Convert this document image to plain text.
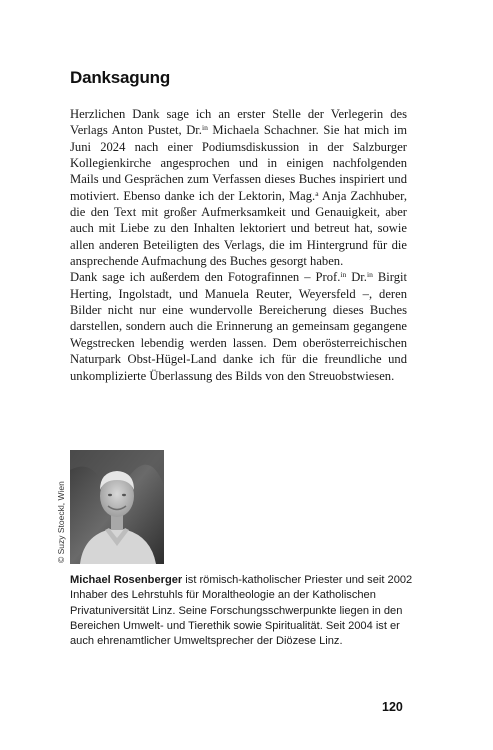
Danksagung

Herzlichen Dank sage ich an erster Stelle der Verlegerin des Verlags Anton Pustet, Dr.$^{in}$ Michaela Schachner. Sie hat mich im Juni 2024 nach einer Podiumsdiskussion in der Salzburger Kollegienkirche angesprochen und in einigen nachfolgenden Mails und Gesprächen zum Verfassen dieses Buches inspiriert und motiviert. Ebenso danke ich der Lektorin, Mag.$^a$ Anja Zachhuber, die den Text mit großer Aufmerksamkeit und Genauigkeit, aber auch mit Liebe zu den Inhalten lektoriert und betreut hat, sowie allen anderen Beteiligten des Verlags, die im Hintergrund für die ansprechende Aufmachung des Buches gesorgt haben.

Dank sage ich außerdem den Fotografinnen – Prof.$^{in}$ Dr.$^{in}$ Birgit Herting, Ingolstadt, und Manuela Reuter, Weyersfeld –, deren Bilder nicht nur eine wundervolle Bereicherung dieses Buches darstellen, sondern auch die Erinnerung an gemeinsam gegangene Wegstrecken lebendig werden lassen. Dem oberösterreichischen Naturpark Obst-Hügel-Land danke ich für die freundliche und unkomplizierte Überlassung des Bilds von den Streuobstwiesen.

© Suzy Stoeckl, Wien
Michael Rosenberger ist römisch-katholischer Priester und seit 2002 Inhaber des Lehrstuhls für Moraltheologie an der Katholischen Privatuniversität Linz. Seine Forschungsschwerpunkte liegen in den Bereichen Umwelt- und Tierethik sowie Spiritualität. Seit 2004 ist er auch ehrenamtlicher Umweltsprecher der Diözese Linz.
120
